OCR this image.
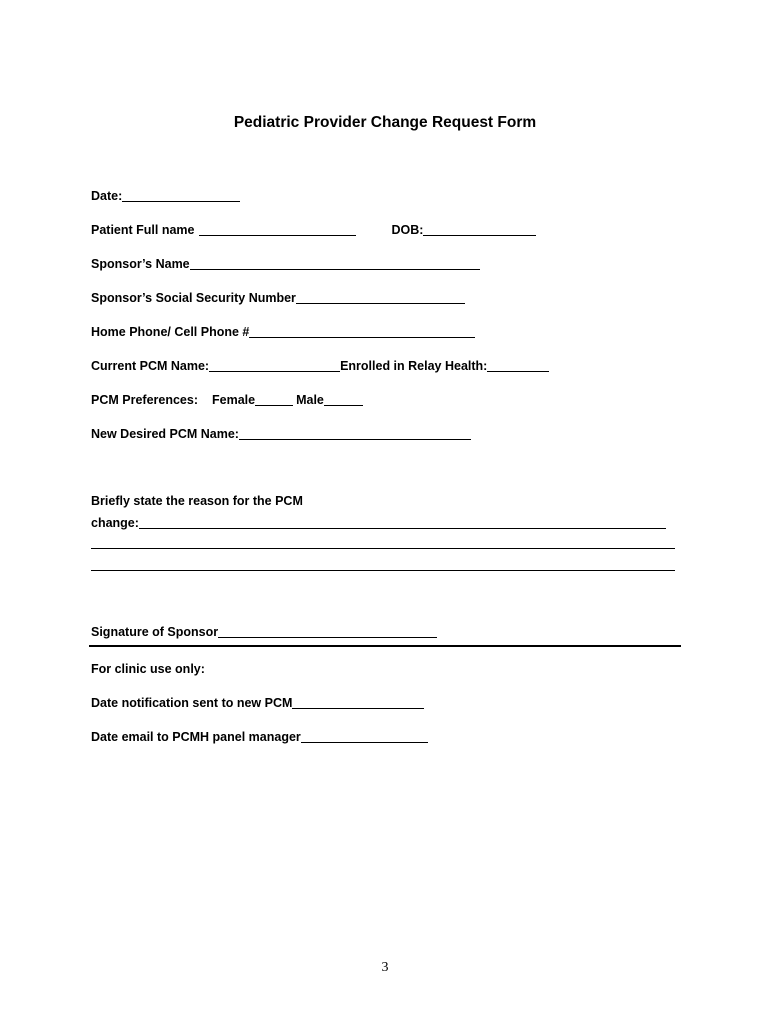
Pediatric Provider Change Request Form
Date:
Patient Full name	DOB:
Sponsor’s Name
Sponsor’s Social Security Number
Home Phone/ Cell Phone #
Current PCM Name:	Enrolled in Relay Health:
PCM Preferences: Female	Male
New Desired PCM Name:
Briefly state the reason for the PCM
change:
Signature of Sponsor
For clinic use only:
Date notification sent to new PCM
Date email to PCMH panel manager
3
